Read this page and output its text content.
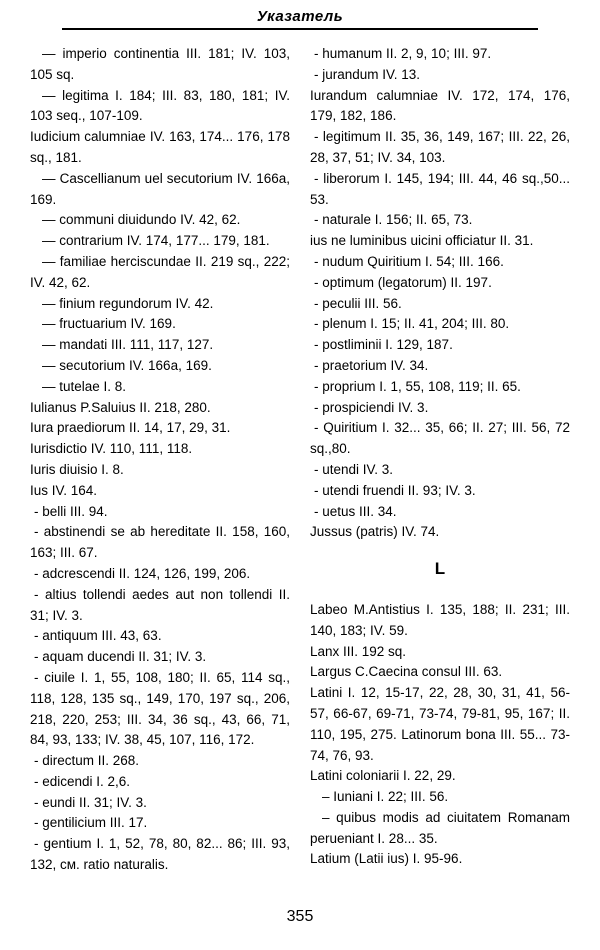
Указатель

— imperio continentia III. 181; IV. 103, 105 sq.

— legitima I. 184; III. 83, 180, 181; IV. 103 seq., 107-109.

Iudicium calumniae IV. 163, 174... 176, 178 sq., 181.

— Cascellianum uel secutorium IV. 166a, 169.

— communi diuidundo IV. 42, 62.

— contrarium IV. 174, 177... 179, 181.

— familiae herciscundae II. 219 sq., 222; IV. 42, 62.

— finium regundorum IV. 42.

— fructuarium IV. 169.

— mandati III. 111, 117, 127.

— secutorium IV. 166a, 169.

— tutelae I. 8.

Iulianus P.Saluius II. 218, 280.

Iura praediorum II. 14, 17, 29, 31.

Iurisdictio IV. 110, 111, 118.

Iuris diuisio I. 8.

Ius IV. 164.

- belli III. 94.

- abstinendi se ab hereditate II. 158, 160, 163; III. 67.

- adcrescendi II. 124, 126, 199, 206.

- altius tollendi aedes aut non tollendi II. 31; IV. 3.

- antiquum III. 43, 63.

- aquam ducendi II. 31; IV. 3.

- ciuile I. 1, 55, 108, 180; II. 65, 114 sq., 118, 128, 135 sq., 149, 170, 197 sq., 206, 218, 220, 253; III. 34, 36 sq., 43, 66, 71, 84, 93, 133; IV. 38, 45, 107, 116, 172.

- directum II. 268.

- edicendi I. 2,6.

- eundi II. 31; IV. 3.

- gentilicium III. 17.

- gentium I. 1, 52, 78, 80, 82... 86; III. 93, 132, см. ratio naturalis.

- humanum II. 2, 9, 10; III. 97.

- jurandum IV. 13.

Iurandum calumniae IV. 172, 174, 176, 179, 182, 186.

- legitimum II. 35, 36, 149, 167; III. 22, 26, 28, 37, 51; IV. 34, 103.

- liberorum I. 145, 194; III. 44, 46 sq.,50... 53.

- naturale I. 156; II. 65, 73.

ius ne luminibus uicini officiatur II. 31.

- nudum Quiritium I. 54; III. 166.

- optimum (legatorum) II. 197.

- peculii III. 56.

- plenum I. 15; II. 41, 204; III. 80.

- postliminii I. 129, 187.

- praetorium IV. 34.

- proprium I. 1, 55, 108, 119; II. 65.

- prospiciendi IV. 3.

- Quiritium I. 32... 35, 66; II. 27; III. 56, 72 sq.,80.

- utendi IV. 3.

- utendi fruendi II. 93; IV. 3.

- uetus III. 34.

Jussus (patris) IV. 74.

L

Labeo M.Antistius I. 135, 188; II. 231; III. 140, 183; IV. 59.

Lanx III. 192 sq.

Largus C.Caecina consul III. 63.

Latini I. 12, 15-17, 22, 28, 30, 31, 41, 56-57, 66-67, 69-71, 73-74, 79-81, 95, 167; II. 110, 195, 275. Latinorum bona III. 55... 73-74, 76, 93.

Latini coloniarii I. 22, 29.

– Iuniani I. 22; III. 56.

– quibus modis ad ciuitatem Romanam perueniant I. 28... 35.

Latium (Latii ius) I. 95-96.

355
